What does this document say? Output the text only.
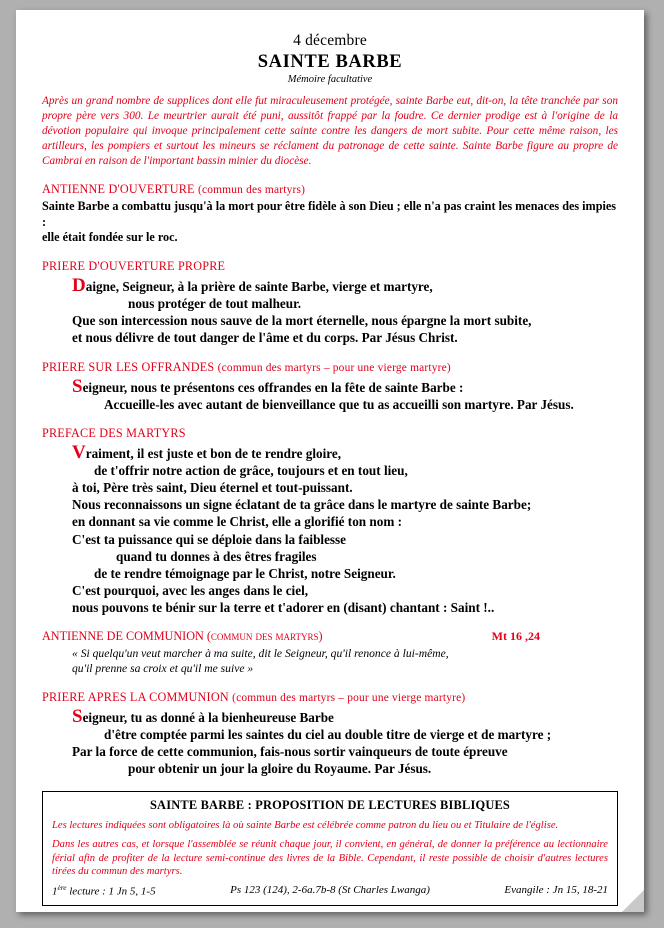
4 décembre
SAINTE BARBE
Mémoire facultative

Après un grand nombre de supplices dont elle fut miraculeusement protégée, sainte Barbe eut, dit-on, la tête tranchée par son propre père vers 300. Le meurtrier aurait été puni, aussitôt frappé par la foudre. Ce dernier prodige est à l'origine de la dévotion populaire qui invoque principalement cette sainte contre les dangers de mort subite. Pour cette même raison, les artilleurs, les pompiers et surtout les mineurs se réclament du patronage de cette sainte. Sainte Barbe figure au propre de Cambrai en raison de l'important bassin minier du diocèse.

ANTIENNE D'OUVERTURE (commun des martyrs)

Sainte Barbe a combattu jusqu'à la mort pour être fidèle à son Dieu ; elle n'a pas craint les menaces des impies :
elle était fondée sur le roc.

PRIERE D'OUVERTURE PROPRE

Daigne, Seigneur, à la prière de sainte Barbe, vierge et martyre,
nous protéger de tout malheur.
Que son intercession nous sauve de la mort éternelle, nous épargne la mort subite,
et nous délivre de tout danger de l'âme et du corps. Par Jésus Christ.

PRIERE SUR LES OFFRANDES (commun des martyrs – pour une vierge martyre)

Seigneur, nous te présentons ces offrandes en la fête de sainte Barbe :
Accueille-les avec autant de bienveillance que tu as accueilli son martyre. Par Jésus.

PREFACE DES MARTYRS

Vraiment, il est juste et bon de te rendre gloire,
de t'offrir notre action de grâce, toujours et en tout lieu,
à toi, Père très saint, Dieu éternel et tout-puissant.
Nous reconnaissons un signe éclatant de ta grâce dans le martyre de sainte Barbe;
en donnant sa vie comme le Christ, elle a glorifié ton nom :
C'est ta puissance qui se déploie dans la faiblesse
quand tu donnes à des êtres fragiles
de te rendre témoignage par le Christ, notre Seigneur.
C'est pourquoi, avec les anges dans le ciel,
nous pouvons te bénir sur la terre et t'adorer en (disant) chantant : Saint !..

ANTIENNE DE COMMUNION (commun des martyrs)	Mt 16 ,24

« Si quelqu'un veut marcher à ma suite, dit le Seigneur, qu'il renonce à lui-même,
qu'il prenne sa croix et qu'il me suive »

PRIERE APRES LA COMMUNION (commun des martyrs – pour une vierge martyre)

Seigneur, tu as donné à la bienheureuse Barbe
d'être comptée parmi les saintes du ciel au double titre de vierge et de martyre ;
Par la force de cette communion, fais-nous sortir vainqueurs de toute épreuve
pour obtenir un jour la gloire du Royaume. Par Jésus.

SAINTE BARBE : PROPOSITION DE LECTURES BIBLIQUES
Les lectures indiquées sont obligatoires là où sainte Barbe est célébrée comme patron du lieu ou et Titulaire de l'église.
Dans les autres cas, et lorsque l'assemblée se réunit chaque jour, il convient, en général, de donner la préférence au lectionnaire férial afin de profiter de la lecture semi-continue des livres de la Bible. Cependant, il reste possible de choisir d'autres lectures tirées du commun des martyrs.
1ère lecture : 1 Jn 5, 1-5	Ps 123 (124), 2-6a.7b-8 (St Charles Lwanga)	Evangile : Jn 15, 18-21
